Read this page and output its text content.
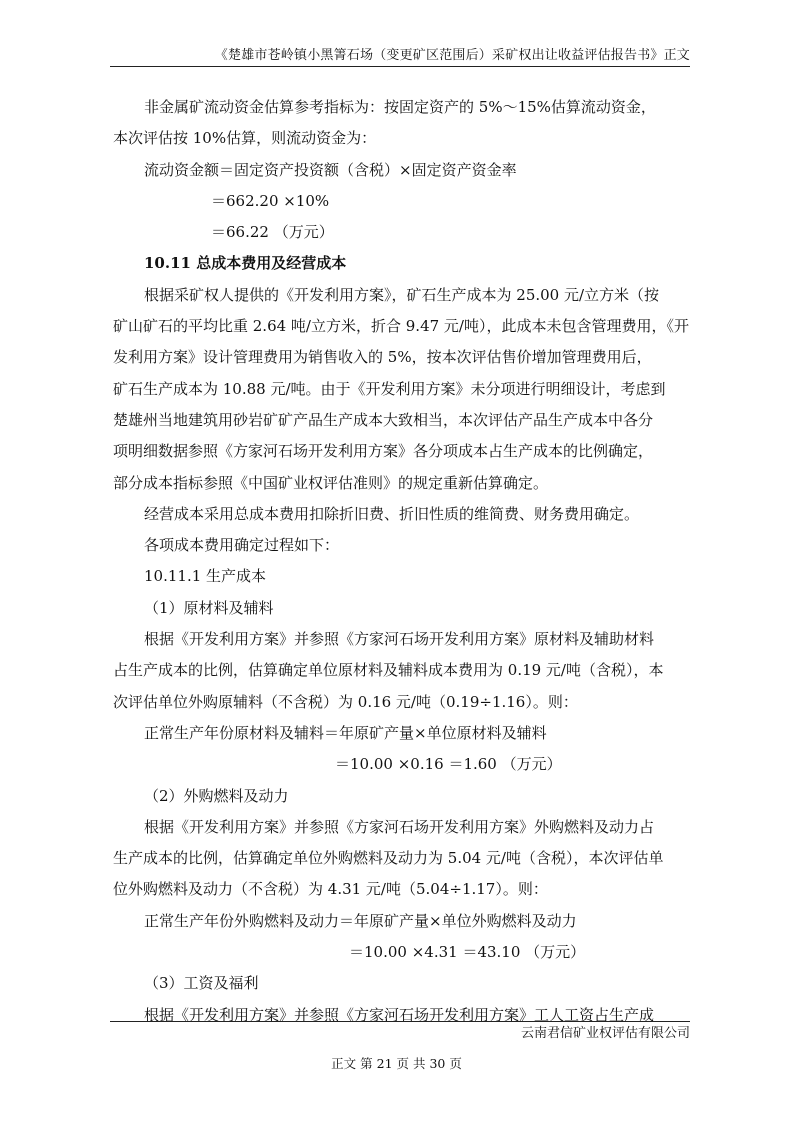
《楚雄市苍岭镇小黑箐石场（变更矿区范围后）采矿权出让收益评估报告书》正文

非金属矿流动资金估算参考指标为：按固定资产的 5%～15%估算流动资金，

本次评估按 10%估算，则流动资金为：

流动资金额＝固定资产投资额（含税）×固定资产资金率

＝662.20 ×10%

＝66.22 （万元）

10.11 总成本费用及经营成本

根据采矿权人提供的《开发利用方案》，矿石生产成本为 25.00 元/立方米（按

矿山矿石的平均比重 2.64 吨/立方米，折合 9.47 元/吨），此成本未包含管理费用，《开

发利用方案》设计管理费用为销售收入的 5%，按本次评估售价增加管理费用后，

矿石生产成本为 10.88 元/吨。由于《开发利用方案》未分项进行明细设计，考虑到

楚雄州当地建筑用砂岩矿矿产品生产成本大致相当，本次评估产品生产成本中各分

项明细数据参照《方家河石场开发利用方案》各分项成本占生产成本的比例确定，

部分成本指标参照《中国矿业权评估准则》的规定重新估算确定。

经营成本采用总成本费用扣除折旧费、折旧性质的维简费、财务费用确定。

各项成本费用确定过程如下：

10.11.1 生产成本

（1）原材料及辅料

根据《开发利用方案》并参照《方家河石场开发利用方案》原材料及辅助材料

占生产成本的比例，估算确定单位原材料及辅料成本费用为 0.19 元/吨（含税），本

次评估单位外购原辅料（不含税）为 0.16 元/吨（0.19÷1.16）。则：

正常生产年份原材料及辅料＝年原矿产量×单位原材料及辅料

＝10.00 ×0.16 ＝1.60 （万元）

（2）外购燃料及动力

根据《开发利用方案》并参照《方家河石场开发利用方案》外购燃料及动力占

生产成本的比例，估算确定单位外购燃料及动力为 5.04 元/吨（含税），本次评估单

位外购燃料及动力（不含税）为 4.31 元/吨（5.04÷1.17）。则：

正常生产年份外购燃料及动力＝年原矿产量×单位外购燃料及动力

＝10.00 ×4.31 ＝43.10 （万元）

（3）工资及福利

根据《开发利用方案》并参照《方家河石场开发利用方案》工人工资占生产成

云南君信矿业权评估有限公司
正文 第 21 页 共 30 页
